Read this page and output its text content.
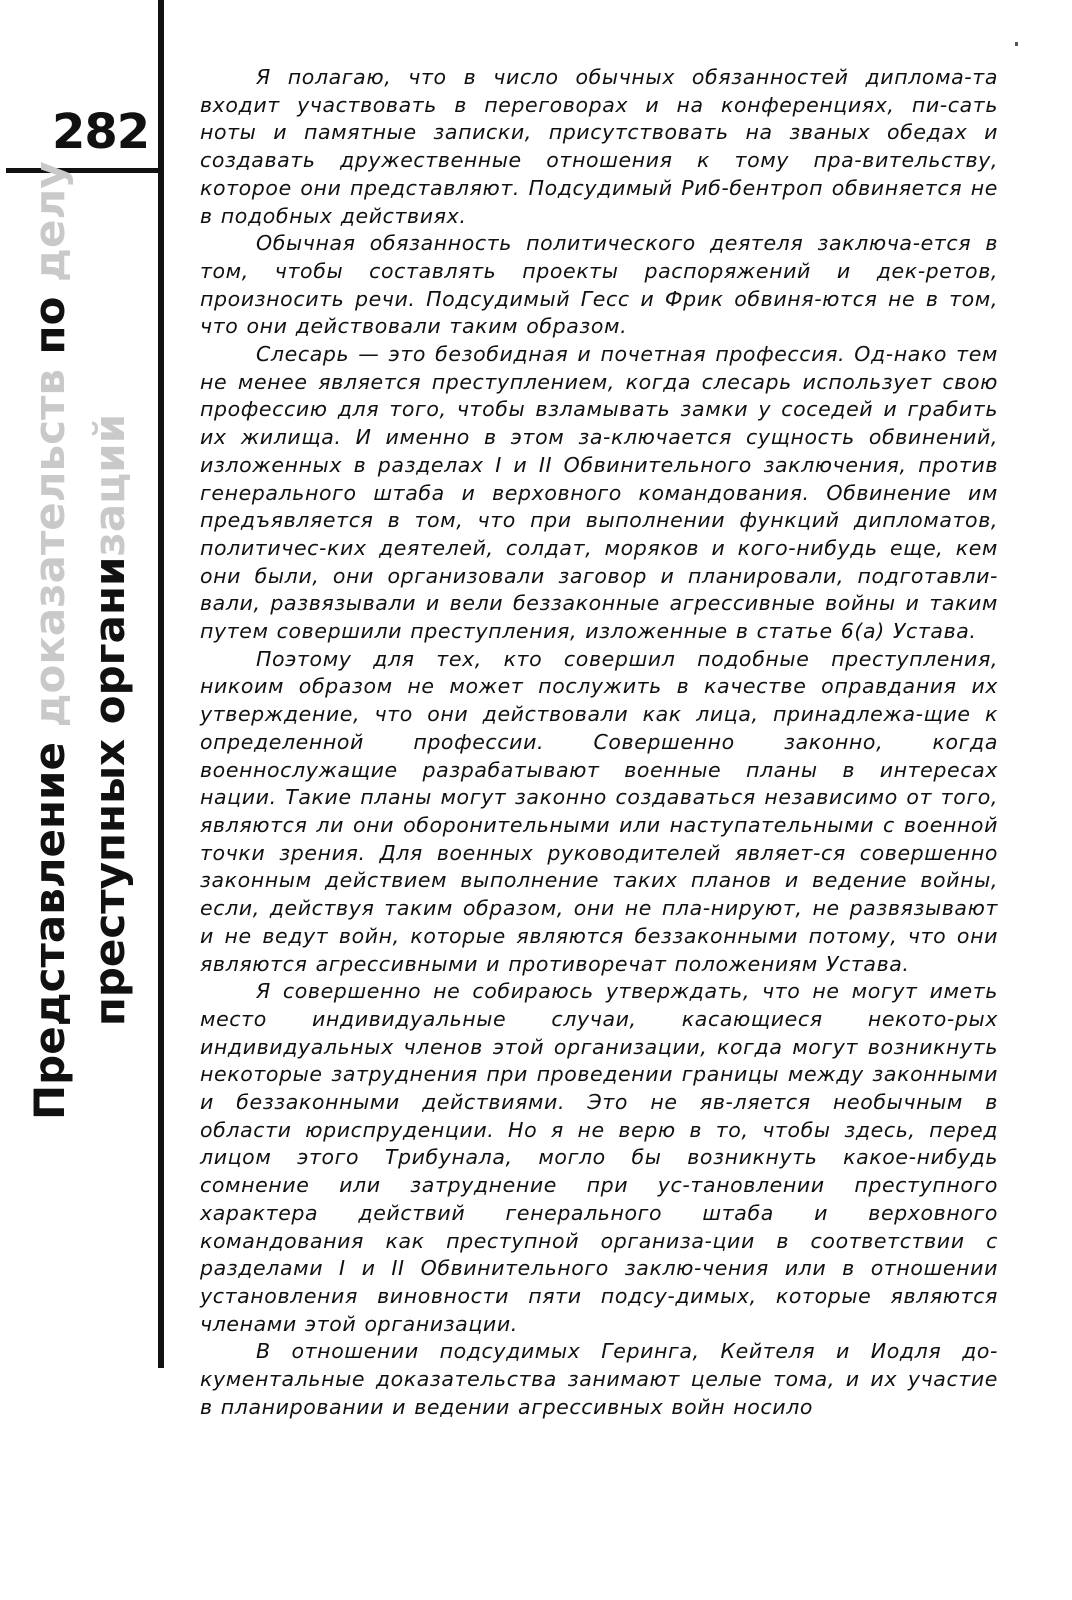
282
Представление доказательств по делу
преступных организаций

Я полагаю, что в число обычных обязанностей диплома-та входит участвовать в переговорах и на конференциях, пи-сать ноты и памятные записки, присутствовать на званых обедах и создавать дружественные отношения к тому пра-вительству, которое они представляют. Подсудимый Риб-бентроп обвиняется не в подобных действиях.

Обычная обязанность политического деятеля заключа-ется в том, чтобы составлять проекты распоряжений и дек-ретов, произносить речи. Подсудимый Гесс и Фрик обвиня-ются не в том, что они действовали таким образом.

Слесарь — это безобидная и почетная профессия. Од-нако тем не менее является преступлением, когда слесарь использует свою профессию для того, чтобы взламывать замки у соседей и грабить их жилища. И именно в этом за-ключается сущность обвинений, изложенных в разделах I и II Обвинительного заключения, против генерального штаба и верховного командования. Обвинение им предъявляется в том, что при выполнении функций дипломатов, политичес-ких деятелей, солдат, моряков и кого-нибудь еще, кем они были, они организовали заговор и планировали, подготавли-вали, развязывали и вели беззаконные агрессивные войны и таким путем совершили преступления, изложенные в статье 6(а) Устава.

Поэтому для тех, кто совершил подобные преступления, никоим образом не может послужить в качестве оправдания их утверждение, что они действовали как лица, принадлежа-щие к определенной профессии. Совершенно законно, когда военнослужащие разрабатывают военные планы в интересах нации. Такие планы могут законно создаваться независимо от того, являются ли они оборонительными или наступательными с военной точки зрения. Для военных руководителей являет-ся совершенно законным действием выполнение таких планов и ведение войны, если, действуя таким образом, они не пла-нируют, не развязывают и не ведут войн, которые являются беззаконными потому, что они являются агрессивными и противоречат положениям Устава.

Я совершенно не собираюсь утверждать, что не могут иметь место индивидуальные случаи, касающиеся некото-рых индивидуальных членов этой организации, когда могут возникнуть некоторые затруднения при проведении границы между законными и беззаконными действиями. Это не яв-ляется необычным в области юриспруденции. Но я не верю в то, чтобы здесь, перед лицом этого Трибунала, могло бы возникнуть какое-нибудь сомнение или затруднение при ус-тановлении преступного характера действий генерального штаба и верховного командования как преступной организа-ции в соответствии с разделами I и II Обвинительного заклю-чения или в отношении установления виновности пяти подсу-димых, которые являются членами этой организации.

В отношении подсудимых Геринга, Кейтеля и Иодля до-кументальные доказательства занимают целые тома, и их участие в планировании и ведении агрессивных войн носило
